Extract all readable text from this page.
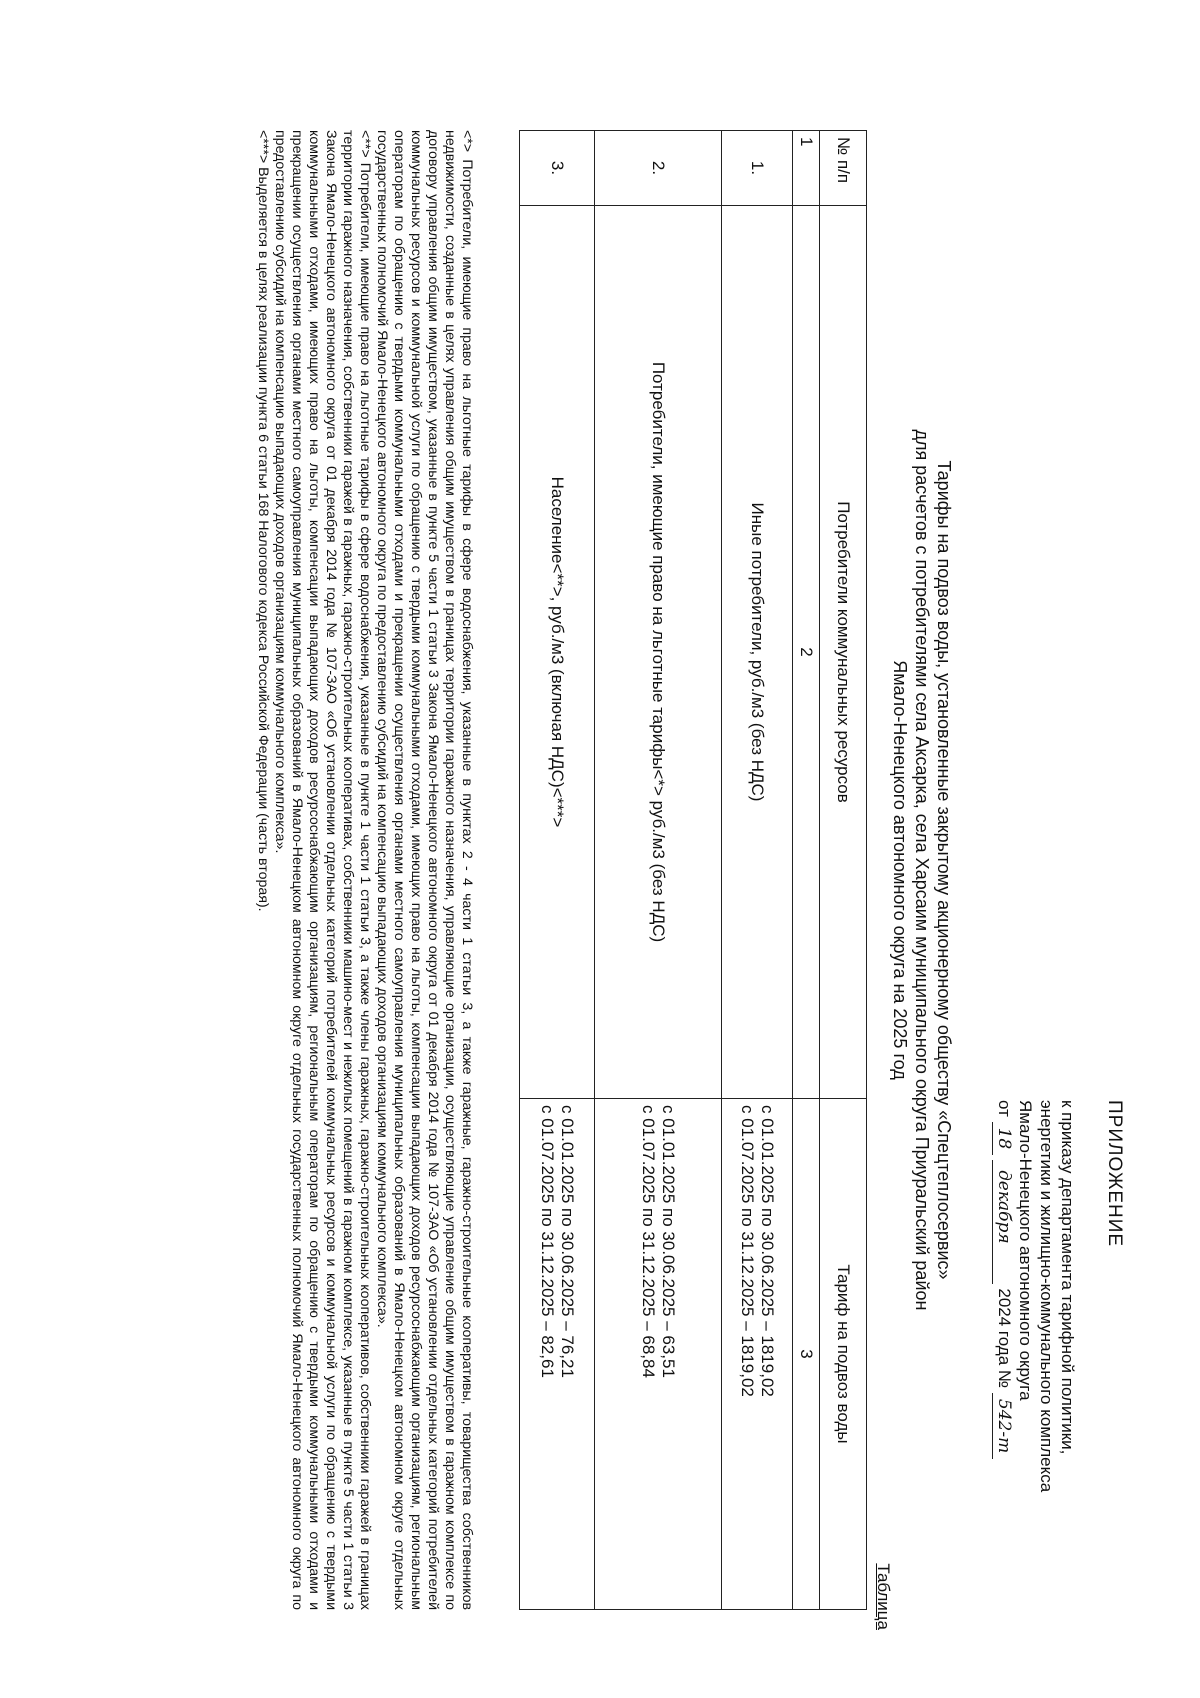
ПРИЛОЖЕНИЕ
к приказу департамента тарифной политики,
энергетики и жилищно-коммунального комплекса
Ямало-Ненецкого автономного округа
от 18 декабря 2024 года № 542-т
Тарифы на подвоз воды, установленные закрытому акционерному обществу «Спецтеплосервис»
для расчетов с потребителями села Аксарка, села Харсаим муниципального округа Приуральский район
Ямало-Ненецкого автономного округа на 2025 год
Таблица
№ п/п	Потребители коммунальных ресурсов	Тариф на подвоз воды
1	2	3
1.	Иные потребители, руб./м3 (без НДС)	с 01.01.2025 по 30.06.2025 – 1819,02
с 01.07.2025 по 31.12.2025 – 1819,02

2.	Потребители, имеющие право на льготные тарифы<*> руб./м3 (без НДС)	с 01.01.2025 по 30.06.2025 – 63,51
с 01.07.2025 по 31.12.2025 – 68,84

3.	Население<**>, руб./м3 (включая НДС)<***>	с 01.01.2025 по 30.06.2025 – 76,21
с 01.07.2025 по 31.12.2025 – 82,61

<*> Потребители, имеющие право на льготные тарифы в сфере водоснабжения, указанные в пунктах 2 - 4 части 1 статьи 3, а также гаражные, гаражно-строительные кооперативы, товарищества собственников недвижимости, созданные в целях управления общим имуществом в границах территории гаражного назначения, управляющие организации, осуществляющие управление общим имуществом в гаражном комплексе по договору управления общим имуществом, указанные в пункте 5 части 1 статьи 3 Закона Ямало-Ненецкого автономного округа от 01 декабря 2014 года № 107-ЗАО «Об установлении отдельных категорий потребителей коммунальных ресурсов и коммунальной услуги по обращению с твердыми коммунальными отходами, имеющих право на льготы, компенсации выпадающих доходов ресурсоснабжающим организациям, региональным операторам по обращению с твердыми коммунальными отходами и прекращении осуществления органами местного самоуправления муниципальных образований в Ямало-Ненецком автономном округе отдельных государственных полномочий Ямало-Ненецкого автономного округа по предоставлению субсидий на компенсацию выпадающих доходов организациям коммунального комплекса».

<**> Потребители, имеющие право на льготные тарифы в сфере водоснабжения, указанные в пункте 1 части 1 статьи 3, а также члены гаражных, гаражно-строительных кооперативов, собственники гаражей в границах территории гаражного назначения, собственники гаражей в гаражных, гаражно-строительных кооперативах, собственники машино-мест и нежилых помещений в гаражном комплексе, указанные в пункте 5 части 1 статьи 3 Закона Ямало-Ненецкого автономного округа от 01 декабря 2014 года № 107-ЗАО «Об установлении отдельных категорий потребителей коммунальных ресурсов и коммунальной услуги по обращению с твердыми коммунальными отходами, имеющих право на льготы, компенсации выпадающих доходов ресурсоснабжающим организациям, региональным операторам по обращению с твердыми коммунальными отходами и прекращении осуществления органами местного самоуправления муниципальных образований в Ямало-Ненецком автономном округе отдельных государственных полномочий Ямало-Ненецкого автономного округа по предоставлению субсидий на компенсацию выпадающих доходов организациям коммунального комплекса».

<***> Выделяется в целях реализации пункта 6 статьи 168 Налогового кодекса Российской Федерации (часть вторая).
